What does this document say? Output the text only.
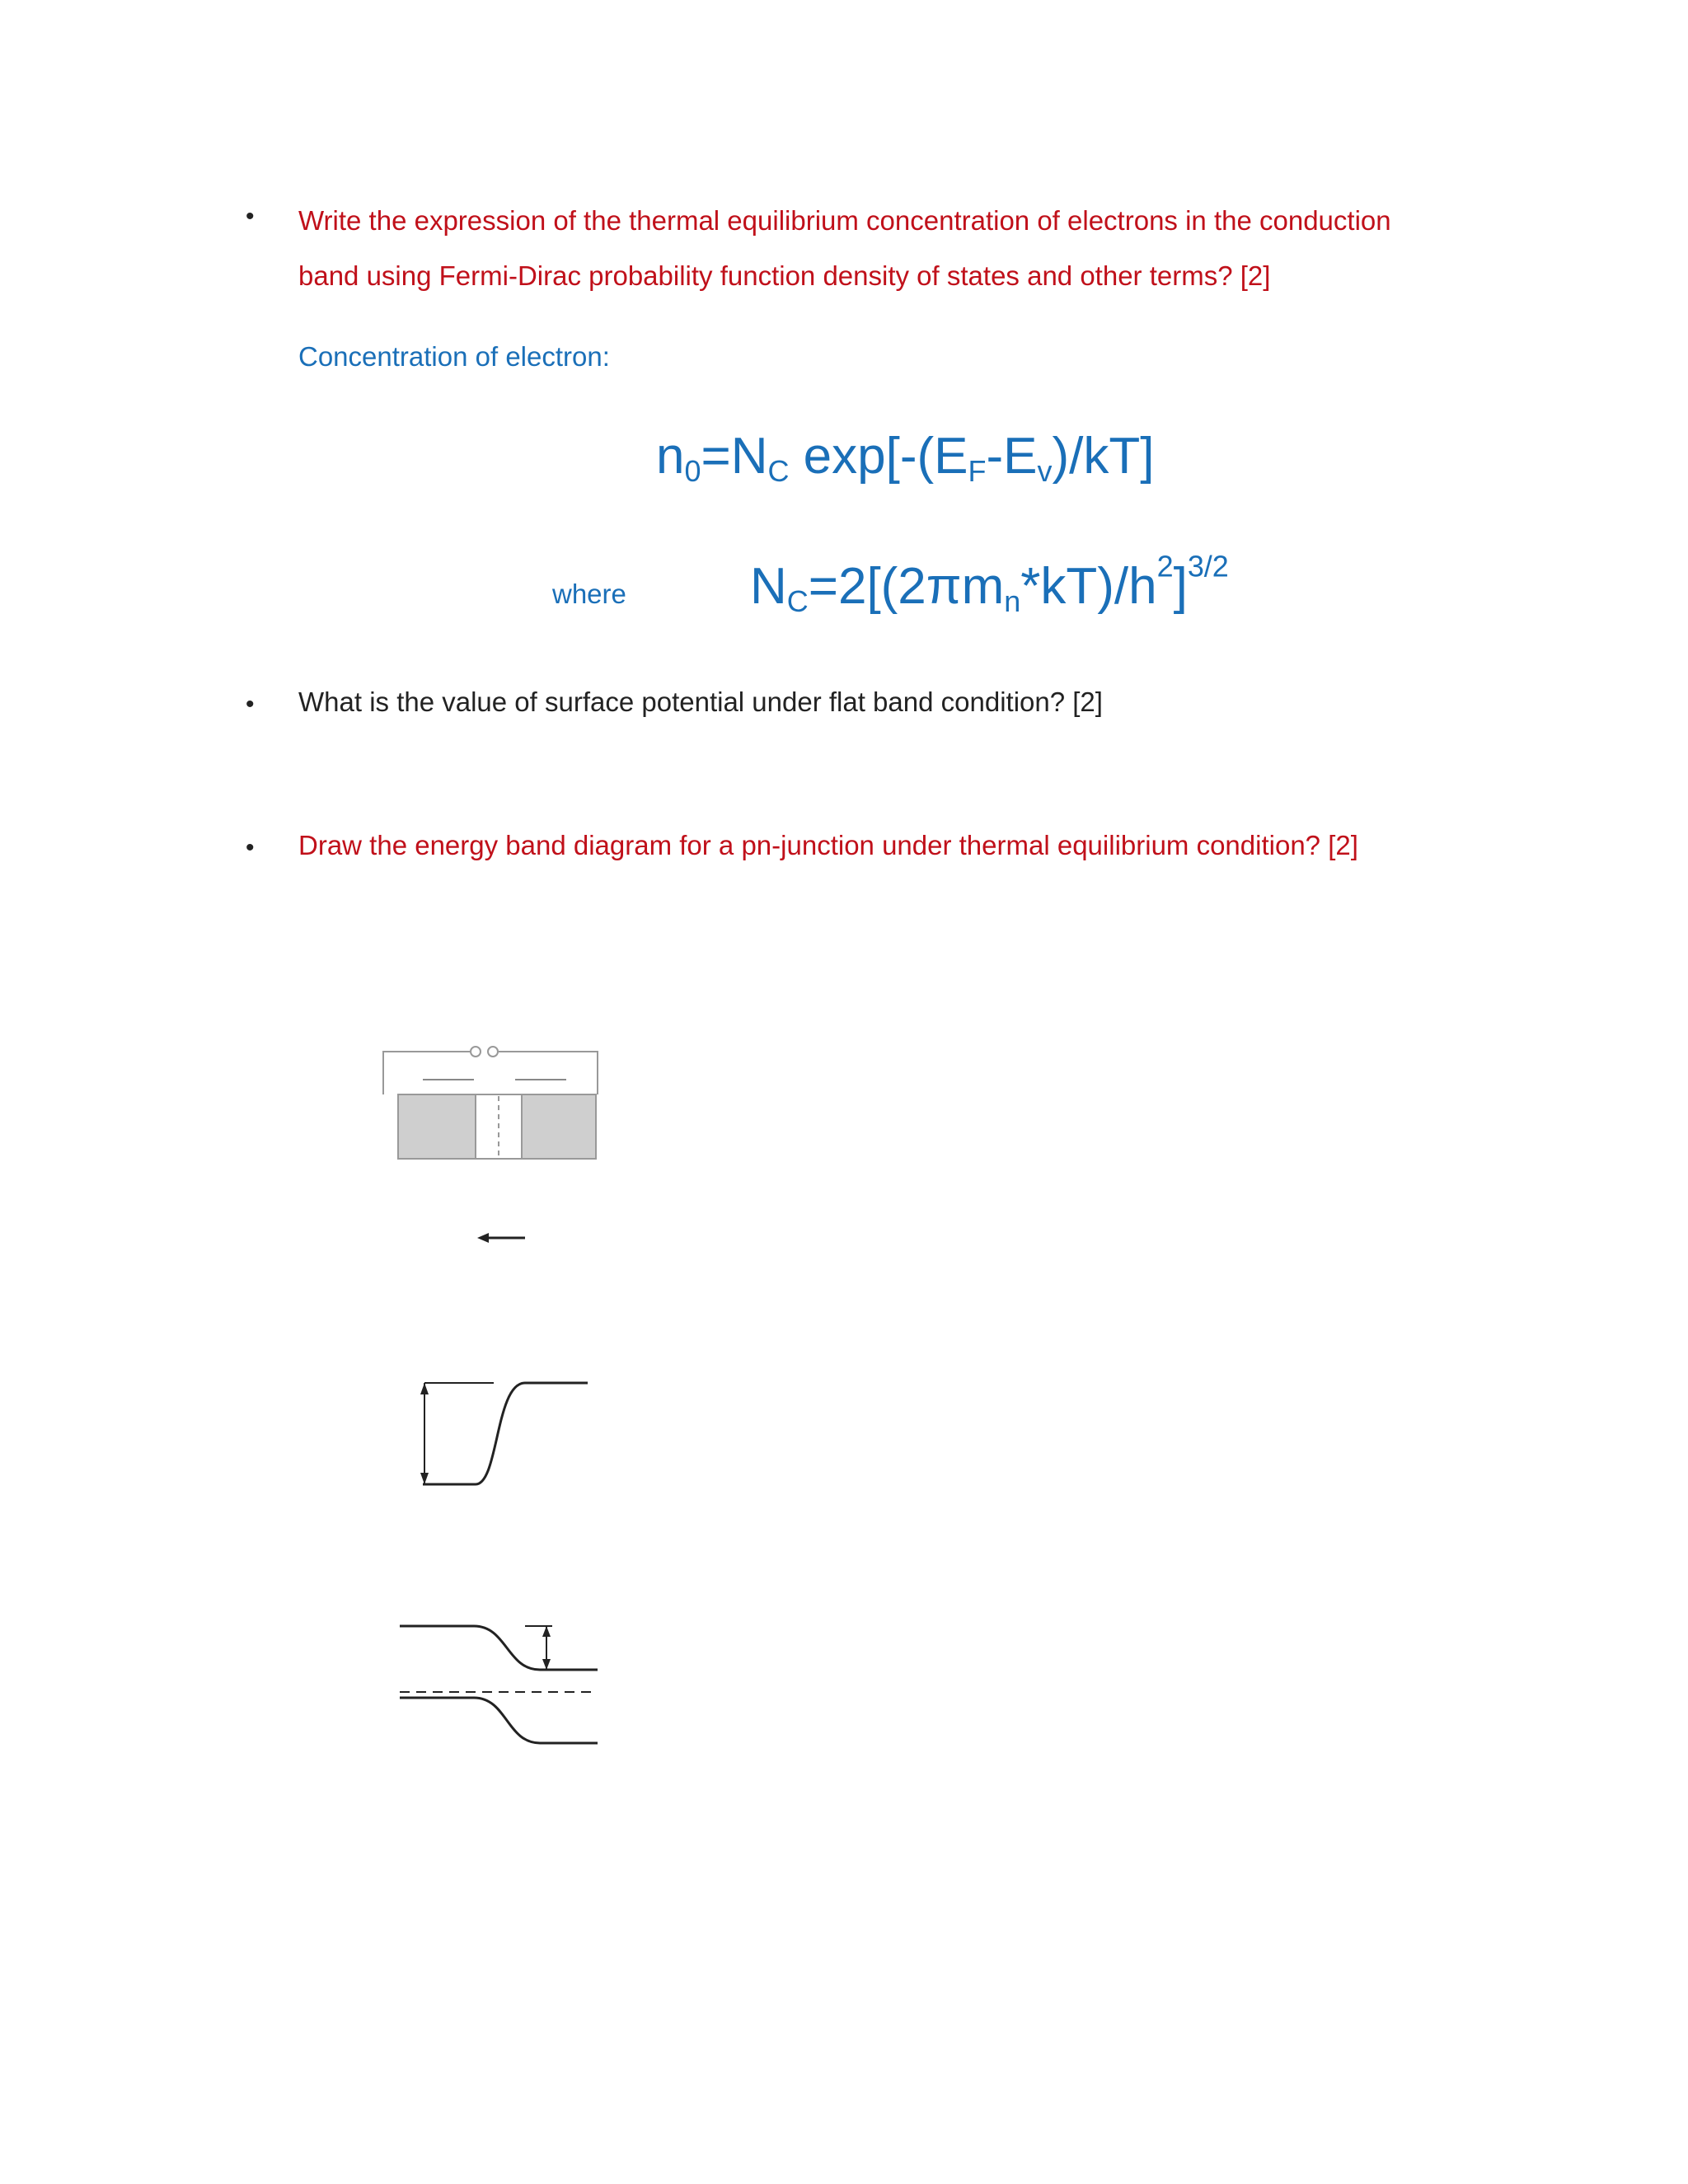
• Write the expression of the thermal equilibrium concentration of electrons in the conduction
band using Fermi-Dirac probability function density of states and other terms? [2]
Concentration of electron:
$n_0=N_C$ $\exp[-(E_F-E_v)/kT]$
where $N_C=2[(2\pi m_n*kT)/h^2]^{3/2}$
• What is the value of surface potential under flat band condition? [2]
• Draw the energy band diagram for a pn-junction under thermal equilibrium condition? [2]
